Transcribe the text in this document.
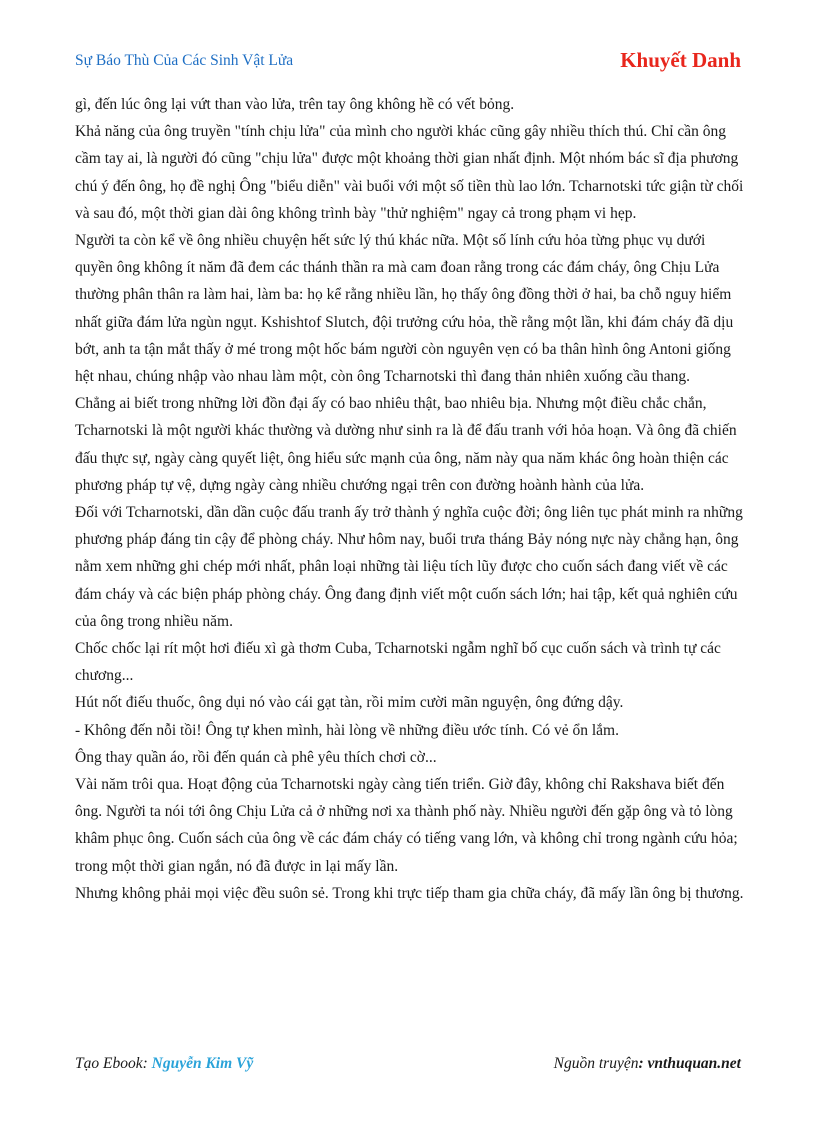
Sự Báo Thù Của Các Sinh Vật Lửa	Khuyết Danh

gì, đến lúc ông lại vứt than vào lửa, trên tay ông không hề có vết bỏng.

Khả năng của ông truyền "tính chịu lửa" của mình cho người khác cũng gây nhiều thích thú. Chỉ cần ông cầm tay ai, là người đó cũng "chịu lửa" được một khoảng thời gian nhất định. Một nhóm bác sĩ địa phương chú ý đến ông, họ đề nghị Ông "biểu diễn" vài buổi với một số tiền thù lao lớn. Tcharnotski tức giận từ chối và sau đó, một thời gian dài ông không trình bày "thử nghiệm" ngay cả trong phạm vi hẹp.

Người ta còn kể về ông nhiều chuyện hết sức lý thú khác nữa. Một số lính cứu hỏa từng phục vụ dưới quyền ông không ít năm đã đem các thánh thần ra mà cam đoan rằng trong các đám cháy, ông Chịu Lửa thường phân thân ra làm hai, làm ba: họ kể rằng nhiều lần, họ thấy ông đồng thời ở hai, ba chỗ nguy hiểm nhất giữa đám lửa ngùn ngụt. Kshishtof Slutch, đội trưởng cứu hỏa, thề rằng một lần, khi đám cháy đã dịu bớt, anh ta tận mắt thấy ở mé trong một hốc bám người còn nguyên vẹn có ba thân hình ông Antoni giống hệt nhau, chúng nhập vào nhau làm một, còn ông Tcharnotski thì đang thản nhiên xuống cầu thang.

Chẳng ai biết trong những lời đồn đại ấy có bao nhiêu thật, bao nhiêu bịa. Nhưng một điều chắc chắn, Tcharnotski là một người khác thường và dường như sinh ra là để đấu tranh với hỏa hoạn. Và ông đã chiến đấu thực sự, ngày càng quyết liệt, ông hiểu sức mạnh của ông, năm này qua năm khác ông hoàn thiện các phương pháp tự vệ, dựng ngày càng nhiều chướng ngại trên con đường hoành hành của lửa.

Đối với Tcharnotski, dần dần cuộc đấu tranh ấy trở thành ý nghĩa cuộc đời; ông liên tục phát minh ra những phương pháp đáng tin cậy để phòng cháy. Như hôm nay, buổi trưa tháng Bảy nóng nực này chẳng hạn, ông nằm xem những ghi chép mới nhất, phân loại những tài liệu tích lũy được cho cuốn sách đang viết về các đám cháy và các biện pháp phòng cháy. Ông đang định viết một cuốn sách lớn; hai tập, kết quả nghiên cứu của ông trong nhiều năm.

Chốc chốc lại rít một hơi điếu xì gà thơm Cuba, Tcharnotski ngẫm nghĩ bố cục cuốn sách và trình tự các chương...

Hút nốt điếu thuốc, ông dụi nó vào cái gạt tàn, rồi mỉm cười mãn nguyện, ông đứng dậy.

- Không đến nỗi tồi! Ông tự khen mình, hài lòng về những điều ước tính. Có vẻ ổn lắm.

Ông thay quần áo, rồi đến quán cà phê yêu thích chơi cờ...

Vài năm trôi qua. Hoạt động của Tcharnotski ngày càng tiến triển. Giờ đây, không chỉ Rakshava biết đến ông. Người ta nói tới ông Chịu Lửa cả ở những nơi xa thành phố này. Nhiều người đến gặp ông và tỏ lòng khâm phục ông. Cuốn sách của ông về các đám cháy có tiếng vang lớn, và không chỉ trong ngành cứu hỏa; trong một thời gian ngắn, nó đã được in lại mấy lần.

Nhưng không phải mọi việc đều suôn sẻ. Trong khi trực tiếp tham gia chữa cháy, đã mấy lần ông bị thương.

Tạo Ebook: Nguyễn Kim Vỹ	Nguồn truyện: vnthuquan.net
